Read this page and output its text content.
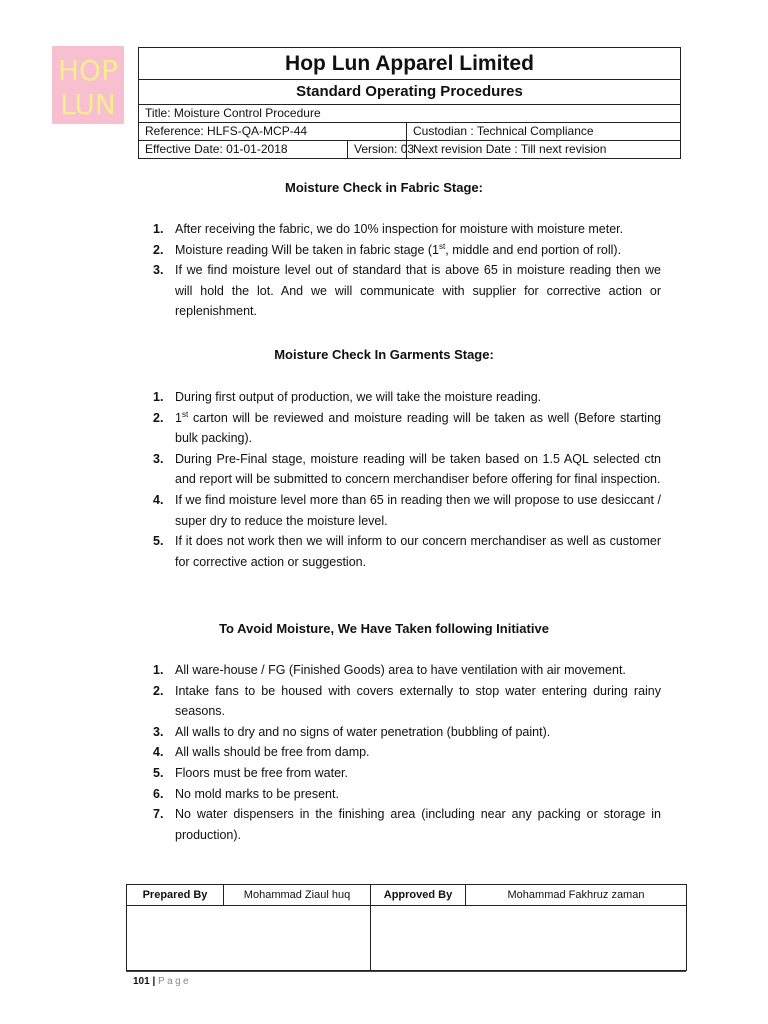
HOP
LUN
Hop Lun Apparel Limited		
Standard Operating Procedures		
Title: Moisture Control Procedure		
Reference: HLFS-QA-MCP-44		Custodian : Technical Compliance
Effective Date: 01-01-2018	Version: 03	Next revision Date : Till next revision
Moisture Check in Fabric Stage:
1. After receiving the fabric, we do 10% inspection for moisture with moisture meter.
2. Moisture reading Will be taken in fabric stage (1st, middle and end portion of roll).
3. If we find moisture level out of standard that is above 65 in moisture reading then we will hold the lot. And we will communicate with supplier for corrective action or replenishment.
Moisture Check In Garments Stage:
1. During first output of production, we will take the moisture reading.
2. 1st carton will be reviewed and moisture reading will be taken as well (Before starting bulk packing).
3. During Pre-Final stage, moisture reading will be taken based on 1.5 AQL selected ctn and report will be submitted to concern merchandiser before offering for final inspection.
4. If we find moisture level more than 65 in reading then we will propose to use desiccant / super dry to reduce the moisture level.
5. If it does not work then we will inform to our concern merchandiser as well as customer for corrective action or suggestion.
To Avoid Moisture, We Have Taken following Initiative
1. All ware-house / FG (Finished Goods) area to have ventilation with air movement.
2. Intake fans to be housed with covers externally to stop water entering during rainy seasons.
3. All walls to dry and no signs of water penetration (bubbling of paint).
4. All walls should be free from damp.
5. Floors must be free from water.
6. No mold marks to be present.
7. No water dispensers in the finishing area (including near any packing or storage in production).
Prepared By	Mohammad Ziaul huq	Approved By	Mohammad Fakhruz zaman

101 | Page
